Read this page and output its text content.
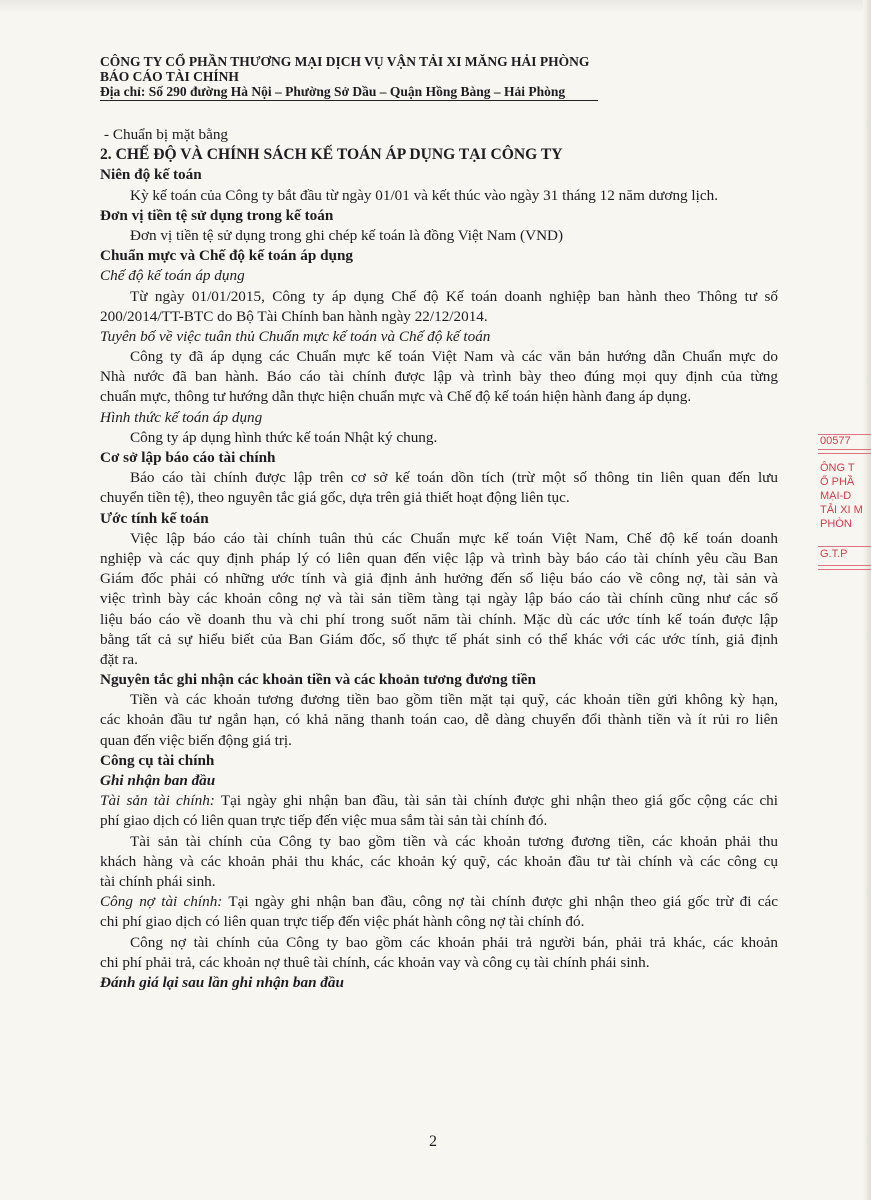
CÔNG TY CỔ PHẦN THƯƠNG MẠI DỊCH VỤ VẬN TẢI XI MĂNG HẢI PHÒNG
BÁO CÁO TÀI CHÍNH
Địa chỉ: Số 290 đường Hà Nội – Phường Sở Dầu – Quận Hồng Bàng – Hải Phòng
- Chuẩn bị mặt bằng
2. CHẾ ĐỘ VÀ CHÍNH SÁCH KẾ TOÁN ÁP DỤNG TẠI CÔNG TY
Niên độ kế toán
Kỳ kế toán của Công ty bắt đầu từ ngày 01/01 và kết thúc vào ngày 31 tháng 12 năm dương lịch.
Đơn vị tiền tệ sử dụng trong kế toán
Đơn vị tiền tệ sử dụng trong ghi chép kế toán là đồng Việt Nam (VND)
Chuẩn mực và Chế độ kế toán áp dụng
Chế độ kế toán áp dụng
Từ ngày 01/01/2015, Công ty áp dụng Chế độ Kế toán doanh nghiệp ban hành theo Thông tư số
200/2014/TT-BTC do Bộ Tài Chính ban hành ngày 22/12/2014.
Tuyên bố về việc tuân thủ Chuẩn mực kế toán và Chế độ kế toán
Công ty đã áp dụng các Chuẩn mực kế toán Việt Nam và các văn bản hướng dẫn Chuẩn mực do
Nhà nước đã ban hành. Báo cáo tài chính được lập và trình bày theo đúng mọi quy định của từng
chuẩn mực, thông tư hướng dẫn thực hiện chuẩn mực và Chế độ kế toán hiện hành đang áp dụng.
Hình thức kế toán áp dụng
Công ty áp dụng hình thức kế toán Nhật ký chung.
Cơ sở lập báo cáo tài chính
Báo cáo tài chính được lập trên cơ sở kế toán dồn tích (trừ một số thông tin liên quan đến lưu
chuyển tiền tệ), theo nguyên tắc giá gốc, dựa trên giả thiết hoạt động liên tục.
Ước tính kế toán
Việc lập báo cáo tài chính tuân thủ các Chuẩn mực kế toán Việt Nam, Chế độ kế toán doanh
nghiệp và các quy định pháp lý có liên quan đến việc lập và trình bày báo cáo tài chính yêu cầu Ban
Giám đốc phải có những ước tính và giả định ảnh hưởng đến số liệu báo cáo về công nợ, tài sản và
việc trình bày các khoản công nợ và tài sản tiềm tàng tại ngày lập báo cáo tài chính cũng như các số
liệu báo cáo về doanh thu và chi phí trong suốt năm tài chính. Mặc dù các ước tính kế toán được lập
bằng tất cả sự hiểu biết của Ban Giám đốc, số thực tế phát sinh có thể khác với các ước tính, giả định
đặt ra.
Nguyên tắc ghi nhận các khoản tiền và các khoản tương đương tiền
Tiền và các khoản tương đương tiền bao gồm tiền mặt tại quỹ, các khoản tiền gửi không kỳ hạn,
các khoản đầu tư ngắn hạn, có khả năng thanh toán cao, dễ dàng chuyển đổi thành tiền và ít rủi ro liên
quan đến việc biến động giá trị.
Công cụ tài chính
Ghi nhận ban đầu
Tài sản tài chính: Tại ngày ghi nhận ban đầu, tài sản tài chính được ghi nhận theo giá gốc cộng các chi
phí giao dịch có liên quan trực tiếp đến việc mua sắm tài sản tài chính đó.
Tài sản tài chính của Công ty bao gồm tiền và các khoản tương đương tiền, các khoản phải thu
khách hàng và các khoản phải thu khác, các khoản ký quỹ, các khoản đầu tư tài chính và các công cụ
tài chính phái sinh.
Công nợ tài chính: Tại ngày ghi nhận ban đầu, công nợ tài chính được ghi nhận theo giá gốc trừ đi các
chi phí giao dịch có liên quan trực tiếp đến việc phát hành công nợ tài chính đó.
Công nợ tài chính của Công ty bao gồm các khoản phải trả người bán, phải trả khác, các khoản
chi phí phải trả, các khoản nợ thuê tài chính, các khoản vay và công cụ tài chính phái sinh.
Đánh giá lại sau lần ghi nhận ban đầu
2
00577
ÔNG T
Ổ PHẦ
MẠI-D
TẢI XI M
PHÒN
G.T.P
